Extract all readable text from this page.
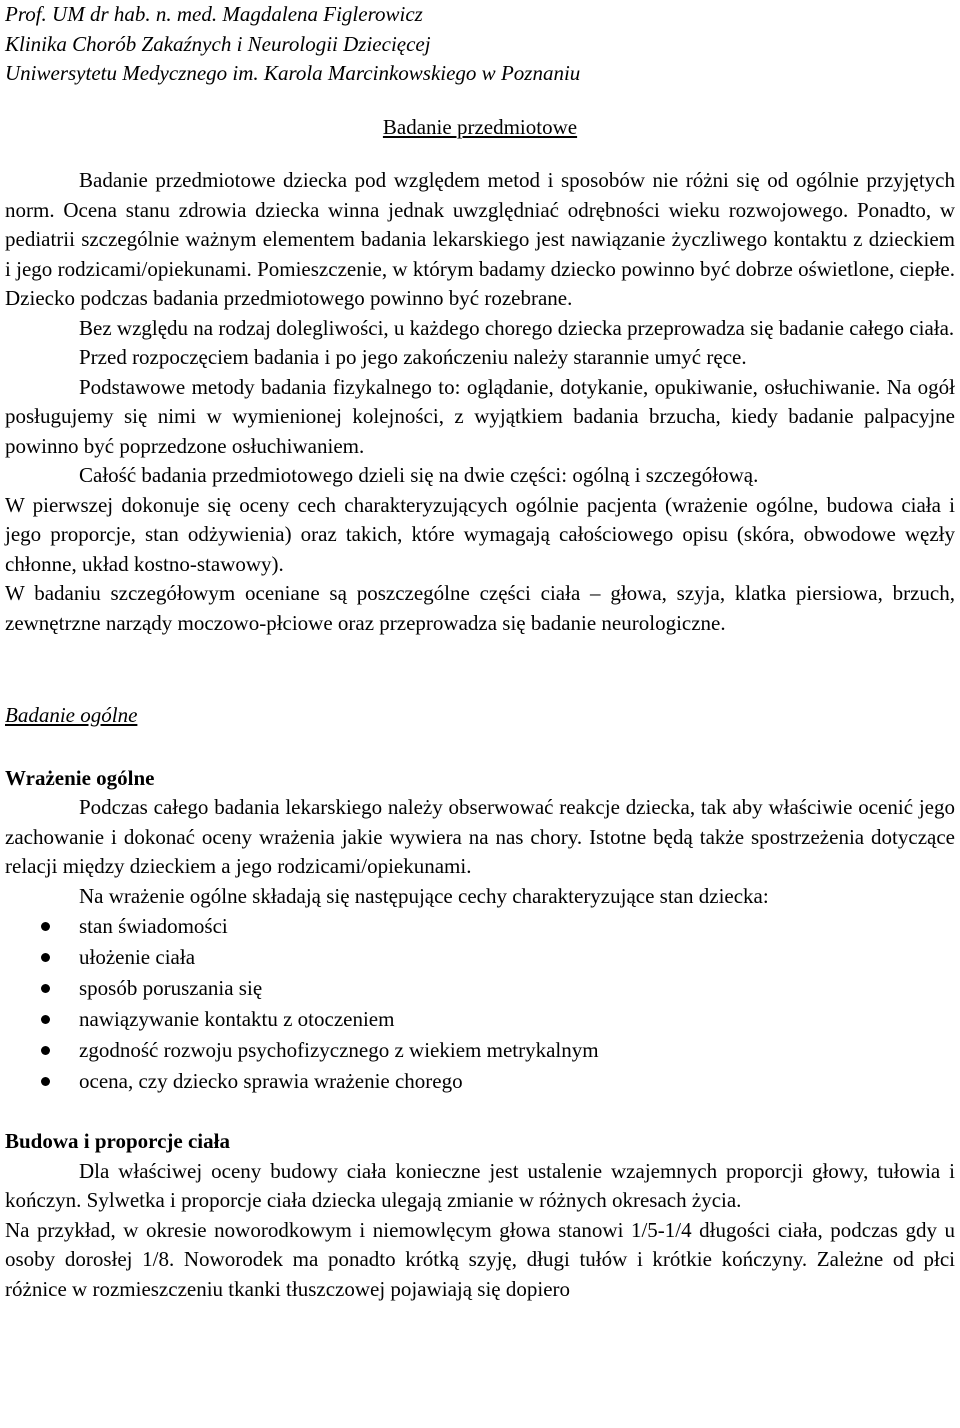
Prof. UM dr hab. n. med. Magdalena Figlerowicz
Klinika Chorób Zakaźnych i Neurologii Dziecięcej
Uniwersytetu Medycznego im. Karola Marcinkowskiego w Poznaniu
Badanie przedmiotowe

Badanie przedmiotowe dziecka pod względem metod i sposobów nie różni się od ogólnie przyjętych norm. Ocena stanu zdrowia dziecka winna jednak uwzględniać odrębności wieku rozwojowego. Ponadto, w pediatrii szczególnie ważnym elementem badania lekarskiego jest nawiązanie życzliwego kontaktu z dzieckiem i jego rodzicami/opiekunami. Pomieszczenie, w którym badamy dziecko powinno być dobrze oświetlone, ciepłe. Dziecko podczas badania przedmiotowego powinno być rozebrane.

Bez względu na rodzaj dolegliwości, u każdego chorego dziecka przeprowadza się badanie całego ciała.

Przed rozpoczęciem badania i po jego zakończeniu należy starannie umyć ręce.

Podstawowe metody badania fizykalnego to: oglądanie, dotykanie, opukiwanie, osłuchiwanie. Na ogół posługujemy się nimi w wymienionej kolejności, z wyjątkiem badania brzucha, kiedy badanie palpacyjne powinno być poprzedzone osłuchiwaniem.

Całość badania przedmiotowego dzieli się na dwie części: ogólną i szczegółową.

W pierwszej dokonuje się oceny cech charakteryzujących ogólnie pacjenta (wrażenie ogólne, budowa ciała i jego proporcje, stan odżywienia) oraz takich, które wymagają całościowego opisu (skóra, obwodowe węzły chłonne, układ kostno-stawowy).

W badaniu szczegółowym oceniane są poszczególne części ciała – głowa, szyja, klatka piersiowa, brzuch, zewnętrzne narządy moczowo-płciowe oraz przeprowadza się badanie neurologiczne.

Badanie ogólne
Wrażenie ogólne

Podczas całego badania lekarskiego należy obserwować reakcje dziecka, tak aby właściwie ocenić jego zachowanie i dokonać oceny wrażenia jakie wywiera na nas chory. Istotne będą także spostrzeżenia dotyczące relacji między dzieckiem a jego rodzicami/opiekunami.

Na wrażenie ogólne składają się następujące cechy charakteryzujące stan dziecka:

stan świadomości
ułożenie ciała
sposób poruszania się
nawiązywanie kontaktu z otoczeniem
zgodność rozwoju psychofizycznego z wiekiem metrykalnym
ocena, czy dziecko sprawia wrażenie chorego
Budowa i proporcje ciała

Dla właściwej oceny budowy ciała konieczne jest ustalenie wzajemnych proporcji głowy, tułowia i kończyn. Sylwetka i proporcje ciała dziecka ulegają zmianie w różnych okresach życia.

Na przykład, w okresie noworodkowym i niemowlęcym głowa stanowi 1/5-1/4 długości ciała, podczas gdy u osoby dorosłej 1/8. Noworodek ma ponadto krótką szyję, długi tułów i krótkie kończyny. Zależne od płci różnice w rozmieszczeniu tkanki tłuszczowej pojawiają się dopiero
